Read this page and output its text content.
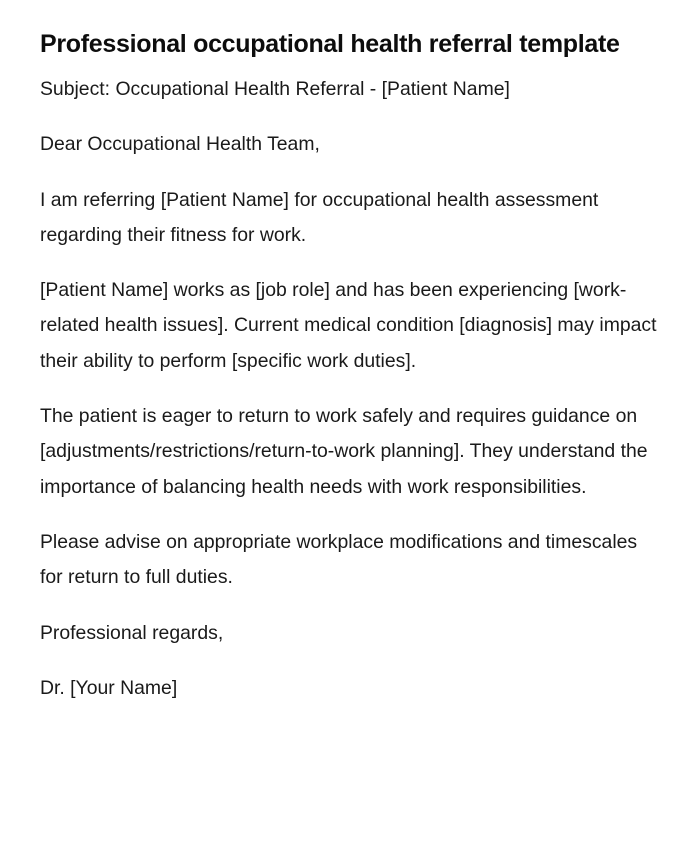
Professional occupational health referral template

Subject: Occupational Health Referral - [Patient Name]

Dear Occupational Health Team,

I am referring [Patient Name] for occupational health assessment regarding their fitness for work.

[Patient Name] works as [job role] and has been experiencing [work-related health issues]. Current medical condition [diagnosis] may impact their ability to perform [specific work duties].

The patient is eager to return to work safely and requires guidance on [adjustments/restrictions/return-to-work planning]. They understand the importance of balancing health needs with work responsibilities.

Please advise on appropriate workplace modifications and timescales for return to full duties.

Professional regards,

Dr. [Your Name]
